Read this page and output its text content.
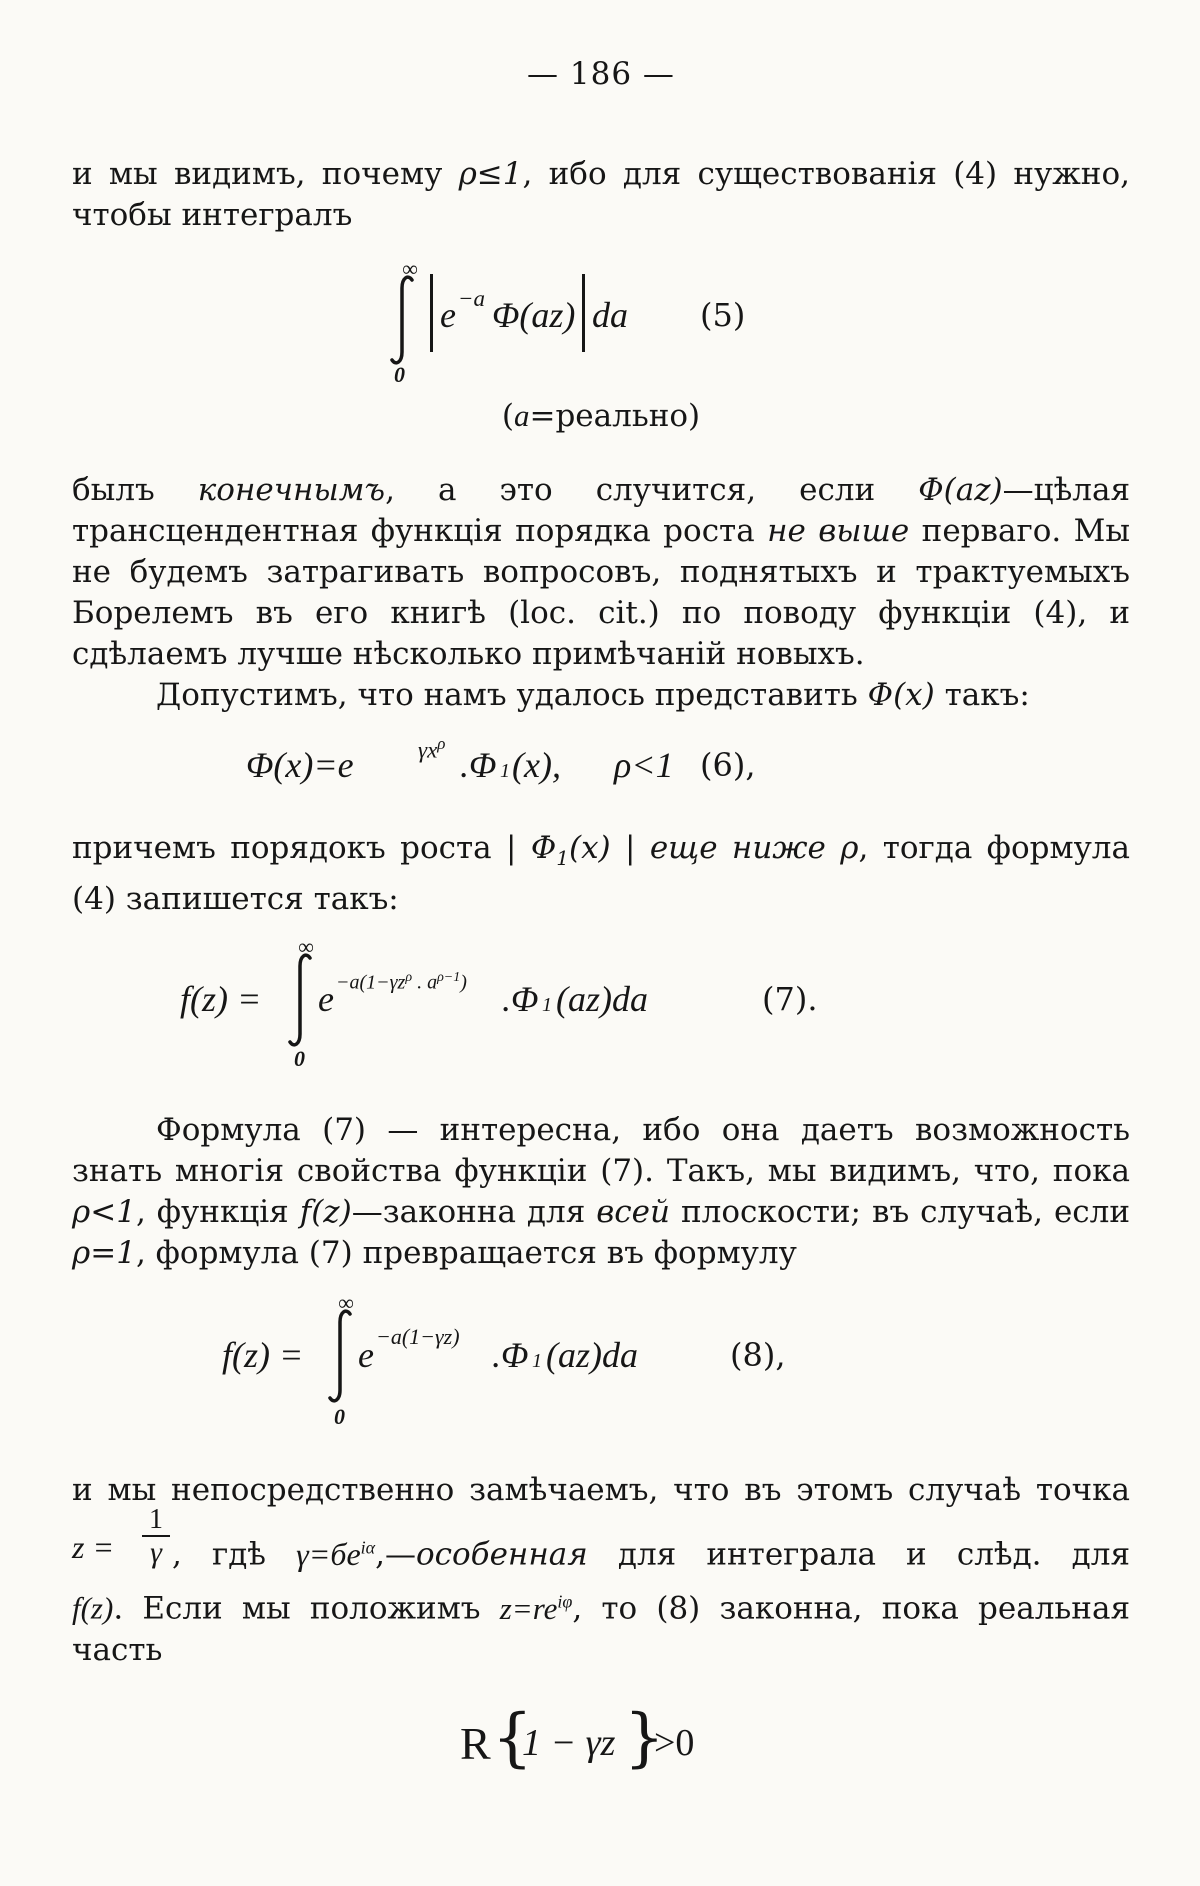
— 186 —

и мы видимъ, почему ρ≤1, ибо для существованія (4) нужно, чтобы интегралъ

∞
0
e −a Φ(az) da (5)
(a=реально)

былъ конечнымъ, а это случится, если Φ(az)—цѣлая трансцендентная функція порядка роста не выше перваго. Мы не будемъ затрагивать вопросовъ, поднятыхъ и трактуемыхъ Борелемъ въ его книгѣ (loc. cit.) по поводу функціи (4), и сдѣлаемъ лучше нѣсколько примѣчаній новыхъ.

Допустимъ, что намъ удалось представить Φ(x) такъ:

Φ(x)=e	$\gamma x^\rho$
.Φ 1 (x), ρ<1 (6),

причемъ порядокъ роста | $\Phi_1(x)$ | еще ниже ρ, тогда формула (4) запишется такъ:

f(z) =
∞
0
$e -a(1-\gamma z^\rho$ . $a^{\rho-1}$) .Φ 1 (az)da	(7).

Формула (7) — интересна, ибо она даетъ возможность знать многія свойства функціи (7). Такъ, мы видимъ, что, пока ρ<1, функція f(z)—законна для всей плоскости; въ случаѣ, если ρ=1, формула (7) превращается въ формулу

f(z) =
∞
0
e −a(1−γz) .Φ 1 (az)da	(8),

и мы непосредственно замѣчаемъ, что въ этомъ случаѣ точка

$z = \frac{1}{\gamma}$ , гдѣ $\gamma=бe^{i\alpha},—особенная$ для интеграла и слѣд. для

f(z). Если мы положимъ $z=re^{i\varphi}$, то (8) законна, пока реальная часть

R {
1 − γz }
>0
